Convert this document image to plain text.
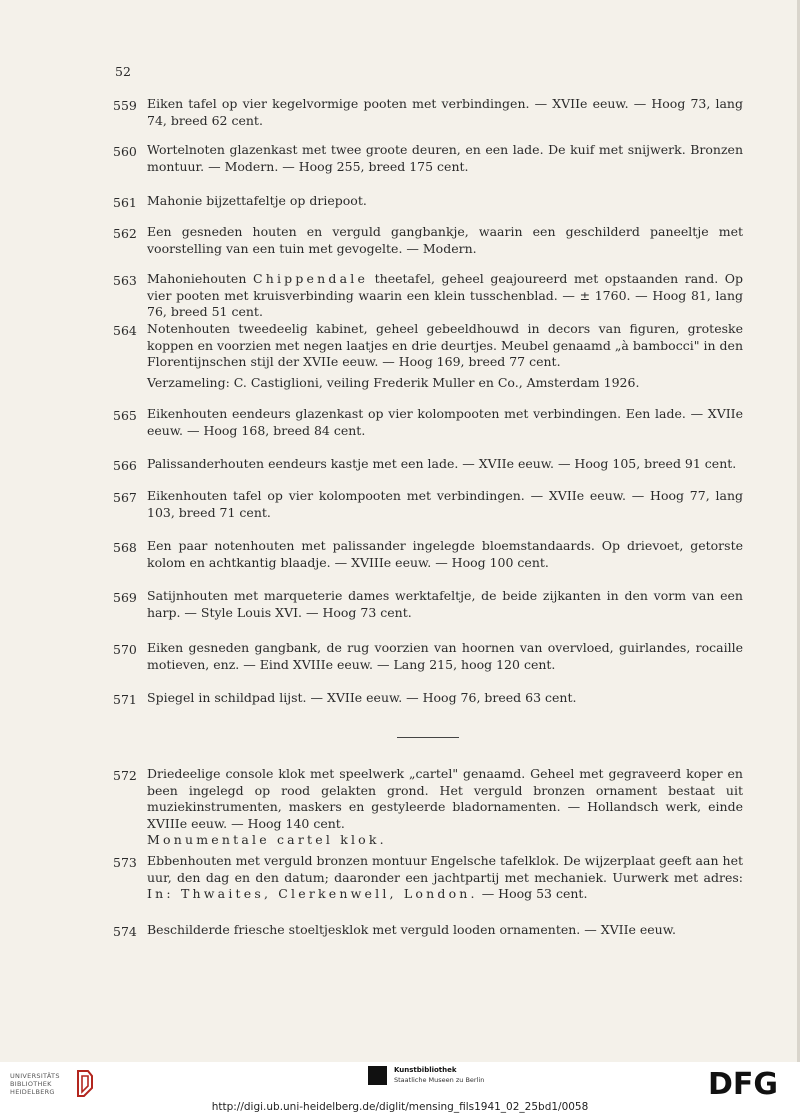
52
559 Eiken tafel op vier kegelvormige pooten met verbindingen. — XVIIe eeuw. — Hoog 73, lang 74, breed 62 cent.

560 Wortelnoten glazenkast met twee groote deuren, en een lade. De kuif met snijwerk. Bronzen montuur. — Modern. — Hoog 255, breed 175 cent.

561 Mahonie bijzettafeltje op driepoot.

562 Een gesneden houten en verguld gangbankje, waarin een geschilderd paneeltje met voorstelling van een tuin met gevogelte. — Modern.

563 Mahoniehouten Chippendale theetafel, geheel geajoureerd met opstaanden rand. Op vier pooten met kruisverbinding waarin een klein tusschenblad. — ± 1760. — Hoog 81, lang 76, breed 51 cent.

564 Notenhouten tweedeelig kabinet, geheel gebeeldhouwd in decors van figuren, groteske koppen en voorzien met negen laatjes en drie deurtjes. Meubel genaamd „à bambocci" in den Florentijnschen stijl der XVIIe eeuw. — Hoog 169, breed 77 cent.

Verzameling: C. Castiglioni, veiling Frederik Muller en Co., Amsterdam 1926.

565 Eikenhouten eendeurs glazenkast op vier kolompooten met verbindingen. Een lade. — XVIIe eeuw. — Hoog 168, breed 84 cent.

566 Palissanderhouten eendeurs kastje met een lade. — XVIIe eeuw. — Hoog 105, breed 91 cent.

567 Eikenhouten tafel op vier kolompooten met verbindingen. — XVIIe eeuw. — Hoog 77, lang 103, breed 71 cent.

568 Een paar notenhouten met palissander ingelegde bloemstandaards. Op drievoet, getorste kolom en achtkantig blaadje. — XVIIIe eeuw. — Hoog 100 cent.

569 Satijnhouten met marqueterie dames werktafeltje, de beide zijkanten in den vorm van een harp. — Style Louis XVI. — Hoog 73 cent.

570 Eiken gesneden gangbank, de rug voorzien van hoornen van overvloed, guirlandes, rocaille motieven, enz. — Eind XVIIIe eeuw. — Lang 215, hoog 120 cent.

571 Spiegel in schildpad lijst. — XVIIe eeuw. — Hoog 76, breed 63 cent.

572 Driedeelige console klok met speelwerk „cartel" genaamd. Geheel met gegraveerd koper en been ingelegd op rood gelakten grond. Het verguld bronzen ornament bestaat uit muziekinstrumenten, maskers en gestyleerde bladornamenten. — Hollandsch werk, einde XVIIIe eeuw. — Hoog 140 cent.

Monumentale cartel klok.

573 Ebbenhouten met verguld bronzen montuur Engelsche tafelklok. De wijzerplaat geeft aan het uur, den dag en den datum; daaronder een jachtpartij met mechaniek. Uurwerk met adres: In: Thwaites, Clerkenwell, London. — Hoog 53 cent.

574 Beschilderde friesche stoeltjesklok met verguld looden ornamenten. — XVIIe eeuw.

UNIVERSITÄTS
BIBLIOTHEK
HEIDELBERG
Kunstbibliothek
Staatliche Museen zu Berlin	DFG
http://digi.ub.uni-heidelberg.de/diglit/mensing_fils1941_02_25bd1/0058
